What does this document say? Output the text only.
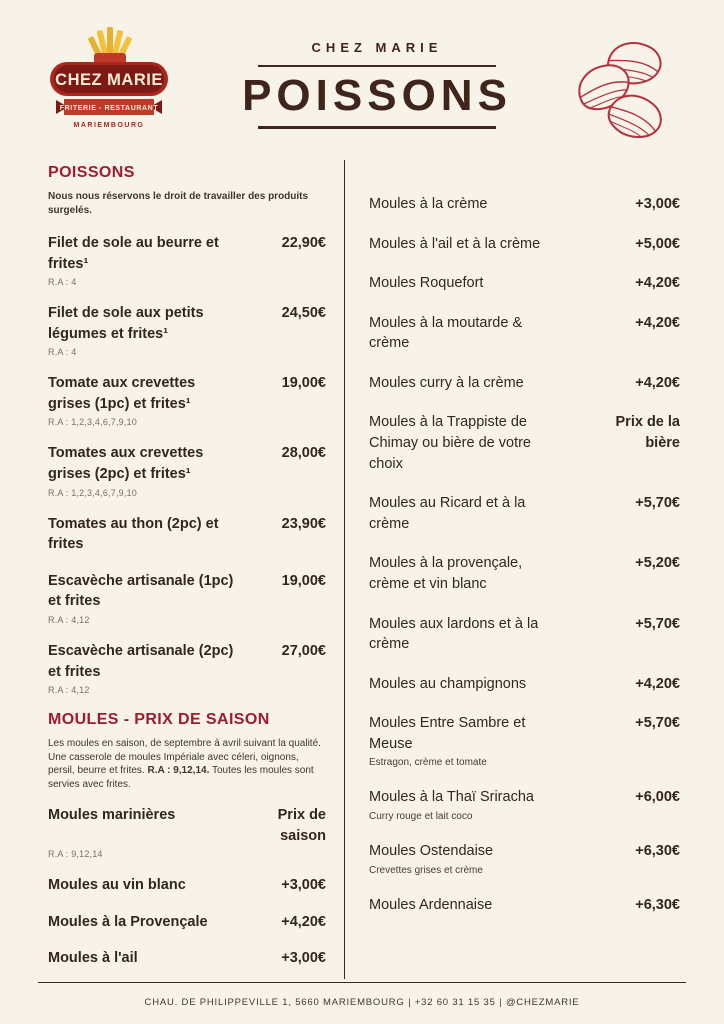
CHEZ MARIE
FRITERIE - RESTAURANT
MARIEMBOURG
CHEZ MARIE
POISSONS
POISSONS

Nous nous réservons le droit de travailler des produits surgelés.

Filet de sole au beurre et frites¹
22,90€
R.A : 4
Filet de sole aux petits légumes et frites¹
24,50€
R.A : 4
Tomate aux crevettes grises (1pc) et frites¹
19,00€
R.A : 1,2,3,4,6,7,9,10
Tomates aux crevettes grises (2pc) et frites¹
28,00€
R.A : 1,2,3,4,6,7,9,10
Tomates au thon (2pc) et frites
23,90€
Escavèche artisanale (1pc) et frites
19,00€
R.A : 4,12
Escavèche artisanale (2pc) et frites
27,00€
R.A : 4,12
MOULES - PRIX DE SAISON

Les moules en saison, de septembre à avril suivant la qualité. Une casserole de moules Impériale avec céleri, oignons, persil, beurre et frites. R.A : 9,12,14. Toutes les moules sont servies avec frites.

Moules marinières	Prix de saison
R.A : 9,12,14
Moules au vin blanc	+3,00€
Moules à la Provençale	+4,20€
Moules à l'ail	+3,00€
Moules à la crème	+3,00€
Moules à l'ail et à la crème	+5,00€
Moules Roquefort	+4,20€
Moules à la moutarde & crème
+4,20€
Moules curry à la crème	+4,20€
Moules à la Trappiste de Chimay ou bière de votre choix
Prix de la bière
Moules au Ricard et à la crème
+5,70€
Moules à la provençale, crème et vin blanc
+5,20€
Moules aux lardons et à la crème
+5,70€
Moules au champignons	+4,20€
Moules Entre Sambre et Meuse
+5,70€
Estragon, crème et tomate
Moules à la Thaï Sriracha	+6,00€
Curry rouge et lait coco
Moules Ostendaise	+6,30€
Crevettes grises et crème
Moules Ardennaise	+6,30€
CHAU. DE PHILIPPEVILLE 1, 5660 MARIEMBOURG | +32 60 31 15 35 | @CHEZMARIE
